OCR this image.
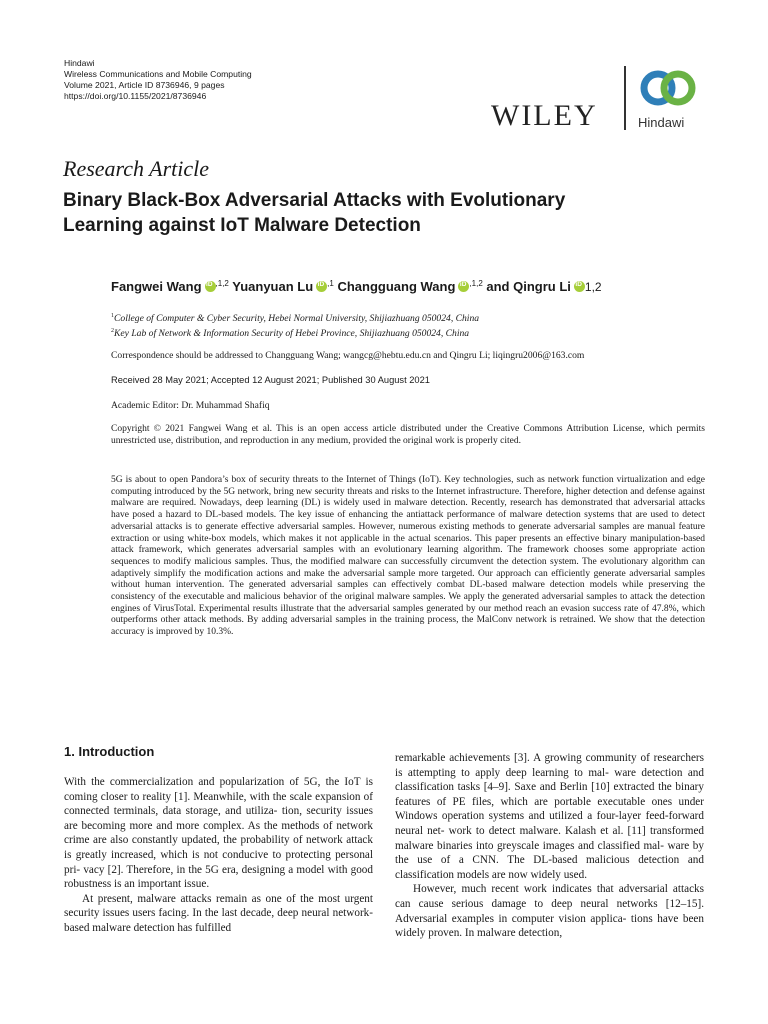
Hindawi
Wireless Communications and Mobile Computing
Volume 2021, Article ID 8736946, 9 pages
https://doi.org/10.1155/2021/8736946
WILEY	Hindawi
Research Article
Binary Black-Box Adversarial Attacks with Evolutionary
Learning against IoT Malware Detection
Fangwei Wang iD $^{,1,2}$ Yuanyuan Lu iD $^{,1}$ Changguang Wang iD $^{,1,2}$ and Qingru Li iD 1,2
$^1$College of Computer & Cyber Security, Hebei Normal University, Shijiazhuang 050024, China
$^2$Key Lab of Network & Information Security of Hebei Province, Shijiazhuang 050024, China
Correspondence should be addressed to Changguang Wang; wangcg@hebtu.edu.cn and Qingru Li; liqingru2006@163.com
Received 28 May 2021; Accepted 12 August 2021; Published 30 August 2021
Academic Editor: Dr. Muhammad Shafiq
Copyright © 2021 Fangwei Wang et al. This is an open access article distributed under the Creative Commons Attribution License, which permits unrestricted use, distribution, and reproduction in any medium, provided the original work is properly cited.
5G is about to open Pandora’s box of security threats to the Internet of Things (IoT). Key technologies, such as network function virtualization and edge computing introduced by the 5G network, bring new security threats and risks to the Internet infrastructure. Therefore, higher detection and defense against malware are required. Nowadays, deep learning (DL) is widely used in malware detection. Recently, research has demonstrated that adversarial attacks have posed a hazard to DL-based models. The key issue of enhancing the antiattack performance of malware detection systems that are used to detect adversarial attacks is to generate effective adversarial samples. However, numerous existing methods to generate adversarial samples are manual feature extraction or using white-box models, which makes it not applicable in the actual scenarios. This paper presents an effective binary manipulation-based attack framework, which generates adversarial samples with an evolutionary learning algorithm. The framework chooses some appropriate action sequences to modify malicious samples. Thus, the modified malware can successfully circumvent the detection system. The evolutionary algorithm can adaptively simplify the modification actions and make the adversarial sample more targeted. Our approach can efficiently generate adversarial samples without human intervention. The generated adversarial samples can effectively combat DL-based malware detection models while preserving the consistency of the executable and malicious behavior of the original malware samples. We apply the generated adversarial samples to attack the detection engines of VirusTotal. Experimental results illustrate that the adversarial samples generated by our method reach an evasion success rate of 47.8%, which outperforms other attack methods. By adding adversarial samples in the training process, the MalConv network is retrained. We show that the detection accuracy is improved by 10.3%.
1. Introduction

With the commercialization and popularization of 5G, the IoT is coming closer to reality [1]. Meanwhile, with the scale expansion of connected terminals, data storage, and utiliza- tion, security issues are becoming more and more complex. As the methods of network crime are also constantly updated, the probability of network attack is greatly increased, which is not conducive to protecting personal pri- vacy [2]. Therefore, in the 5G era, designing a model with good robustness is an important issue.

At present, malware attacks remain as one of the most urgent security issues users facing. In the last decade, deep neural network-based malware detection has fulfilled

remarkable achievements [3]. A growing community of researchers is attempting to apply deep learning to mal- ware detection and classification tasks [4–9]. Saxe and Berlin [10] extracted the binary features of PE files, which are portable executable ones under Windows operation systems and utilized a four-layer feed-forward neural net- work to detect malware. Kalash et al. [11] transformed malware binaries into greyscale images and classified mal- ware by the use of a CNN. The DL-based malicious detection and classification models are now widely used.

However, much recent work indicates that adversarial attacks can cause serious damage to deep neural networks [12–15]. Adversarial examples in computer vision applica- tions have been widely proven. In malware detection,
